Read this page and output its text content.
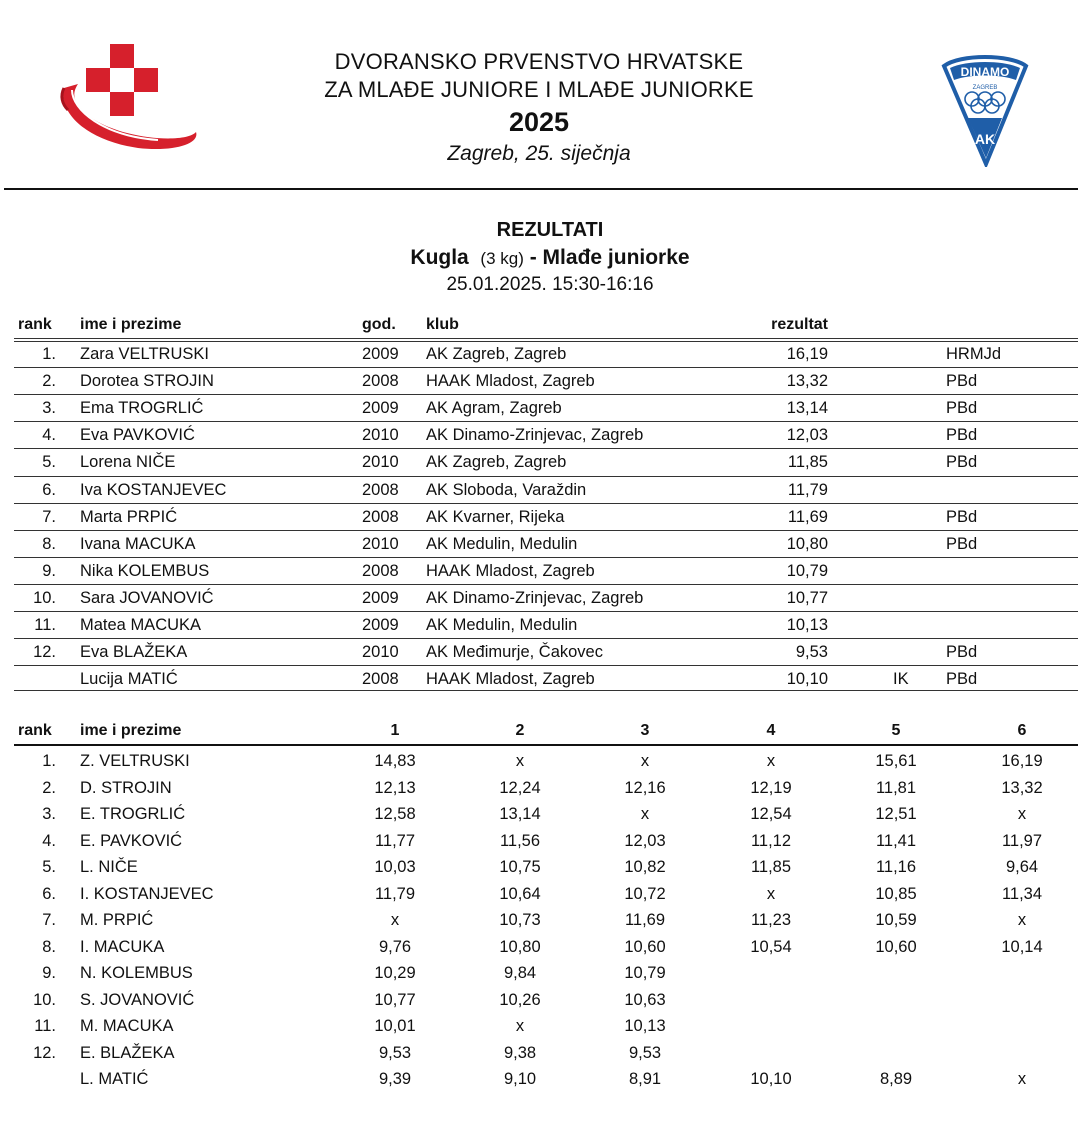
DINAMO
ZAGREB
AK
DVORANSKO PRVENSTVO HRVATSKE
ZA MLAĐE JUNIORE I MLAĐE JUNIORKE
2025
Zagreb, 25. siječnja
REZULTATI
Kugla (3 kg) - Mlađe juniorke
25.01.2025. 15:30-16:16
rank ime i prezime	god. klub	rezultat
1. Zara VELTRUSKI	2009 AK Zagreb, Zagreb	16,19	HRMJd
2. Dorotea STROJIN	2008 HAAK Mladost, Zagreb	13,32	PBd
3. Ema TROGRLIĆ	2009 AK Agram, Zagreb	13,14	PBd
4. Eva PAVKOVIĆ	2010 AK Dinamo-Zrinjevac, Zagreb	12,03	PBd
5. Lorena NIČE	2010 AK Zagreb, Zagreb	11,85	PBd
6. Iva KOSTANJEVEC	2008 AK Sloboda, Varaždin	11,79
7. Marta PRPIĆ	2008 AK Kvarner, Rijeka	11,69	PBd
8. Ivana MACUKA	2010 AK Medulin, Medulin	10,80	PBd
9. Nika KOLEMBUS	2008 HAAK Mladost, Zagreb	10,79
10. Sara JOVANOVIĆ	2009 AK Dinamo-Zrinjevac, Zagreb	10,77
11. Matea MACUKA	2009 AK Medulin, Medulin	10,13
12. Eva BLAŽEKA	2010 AK Međimurje, Čakovec	9,53	PBd
Lucija MATIĆ	2008 HAAK Mladost, Zagreb	10,10	IK PBd
rank ime i prezime	1	2	3	4	5	6
1. Z. VELTRUSKI	14,83	x	x	x	15,61	16,19
2. D. STROJIN	12,13	12,24	12,16	12,19	11,81	13,32
3. E. TROGRLIĆ	12,58	13,14	x	12,54	12,51	x
4. E. PAVKOVIĆ	11,77	11,56	12,03	11,12	11,41	11,97
5. L. NIČE	10,03	10,75	10,82	11,85	11,16	9,64
6. I. KOSTANJEVEC	11,79	10,64	10,72	x	10,85	11,34
7. M. PRPIĆ	x	10,73	11,69	11,23	10,59	x
8. I. MACUKA	9,76	10,80	10,60	10,54	10,60	10,14
9. N. KOLEMBUS	10,29	9,84	10,79
10. S. JOVANOVIĆ	10,77	10,26	10,63
11. M. MACUKA	10,01	x	10,13
12. E. BLAŽEKA	9,53	9,38	9,53
L. MATIĆ	9,39	9,10	8,91	10,10	8,89	x
